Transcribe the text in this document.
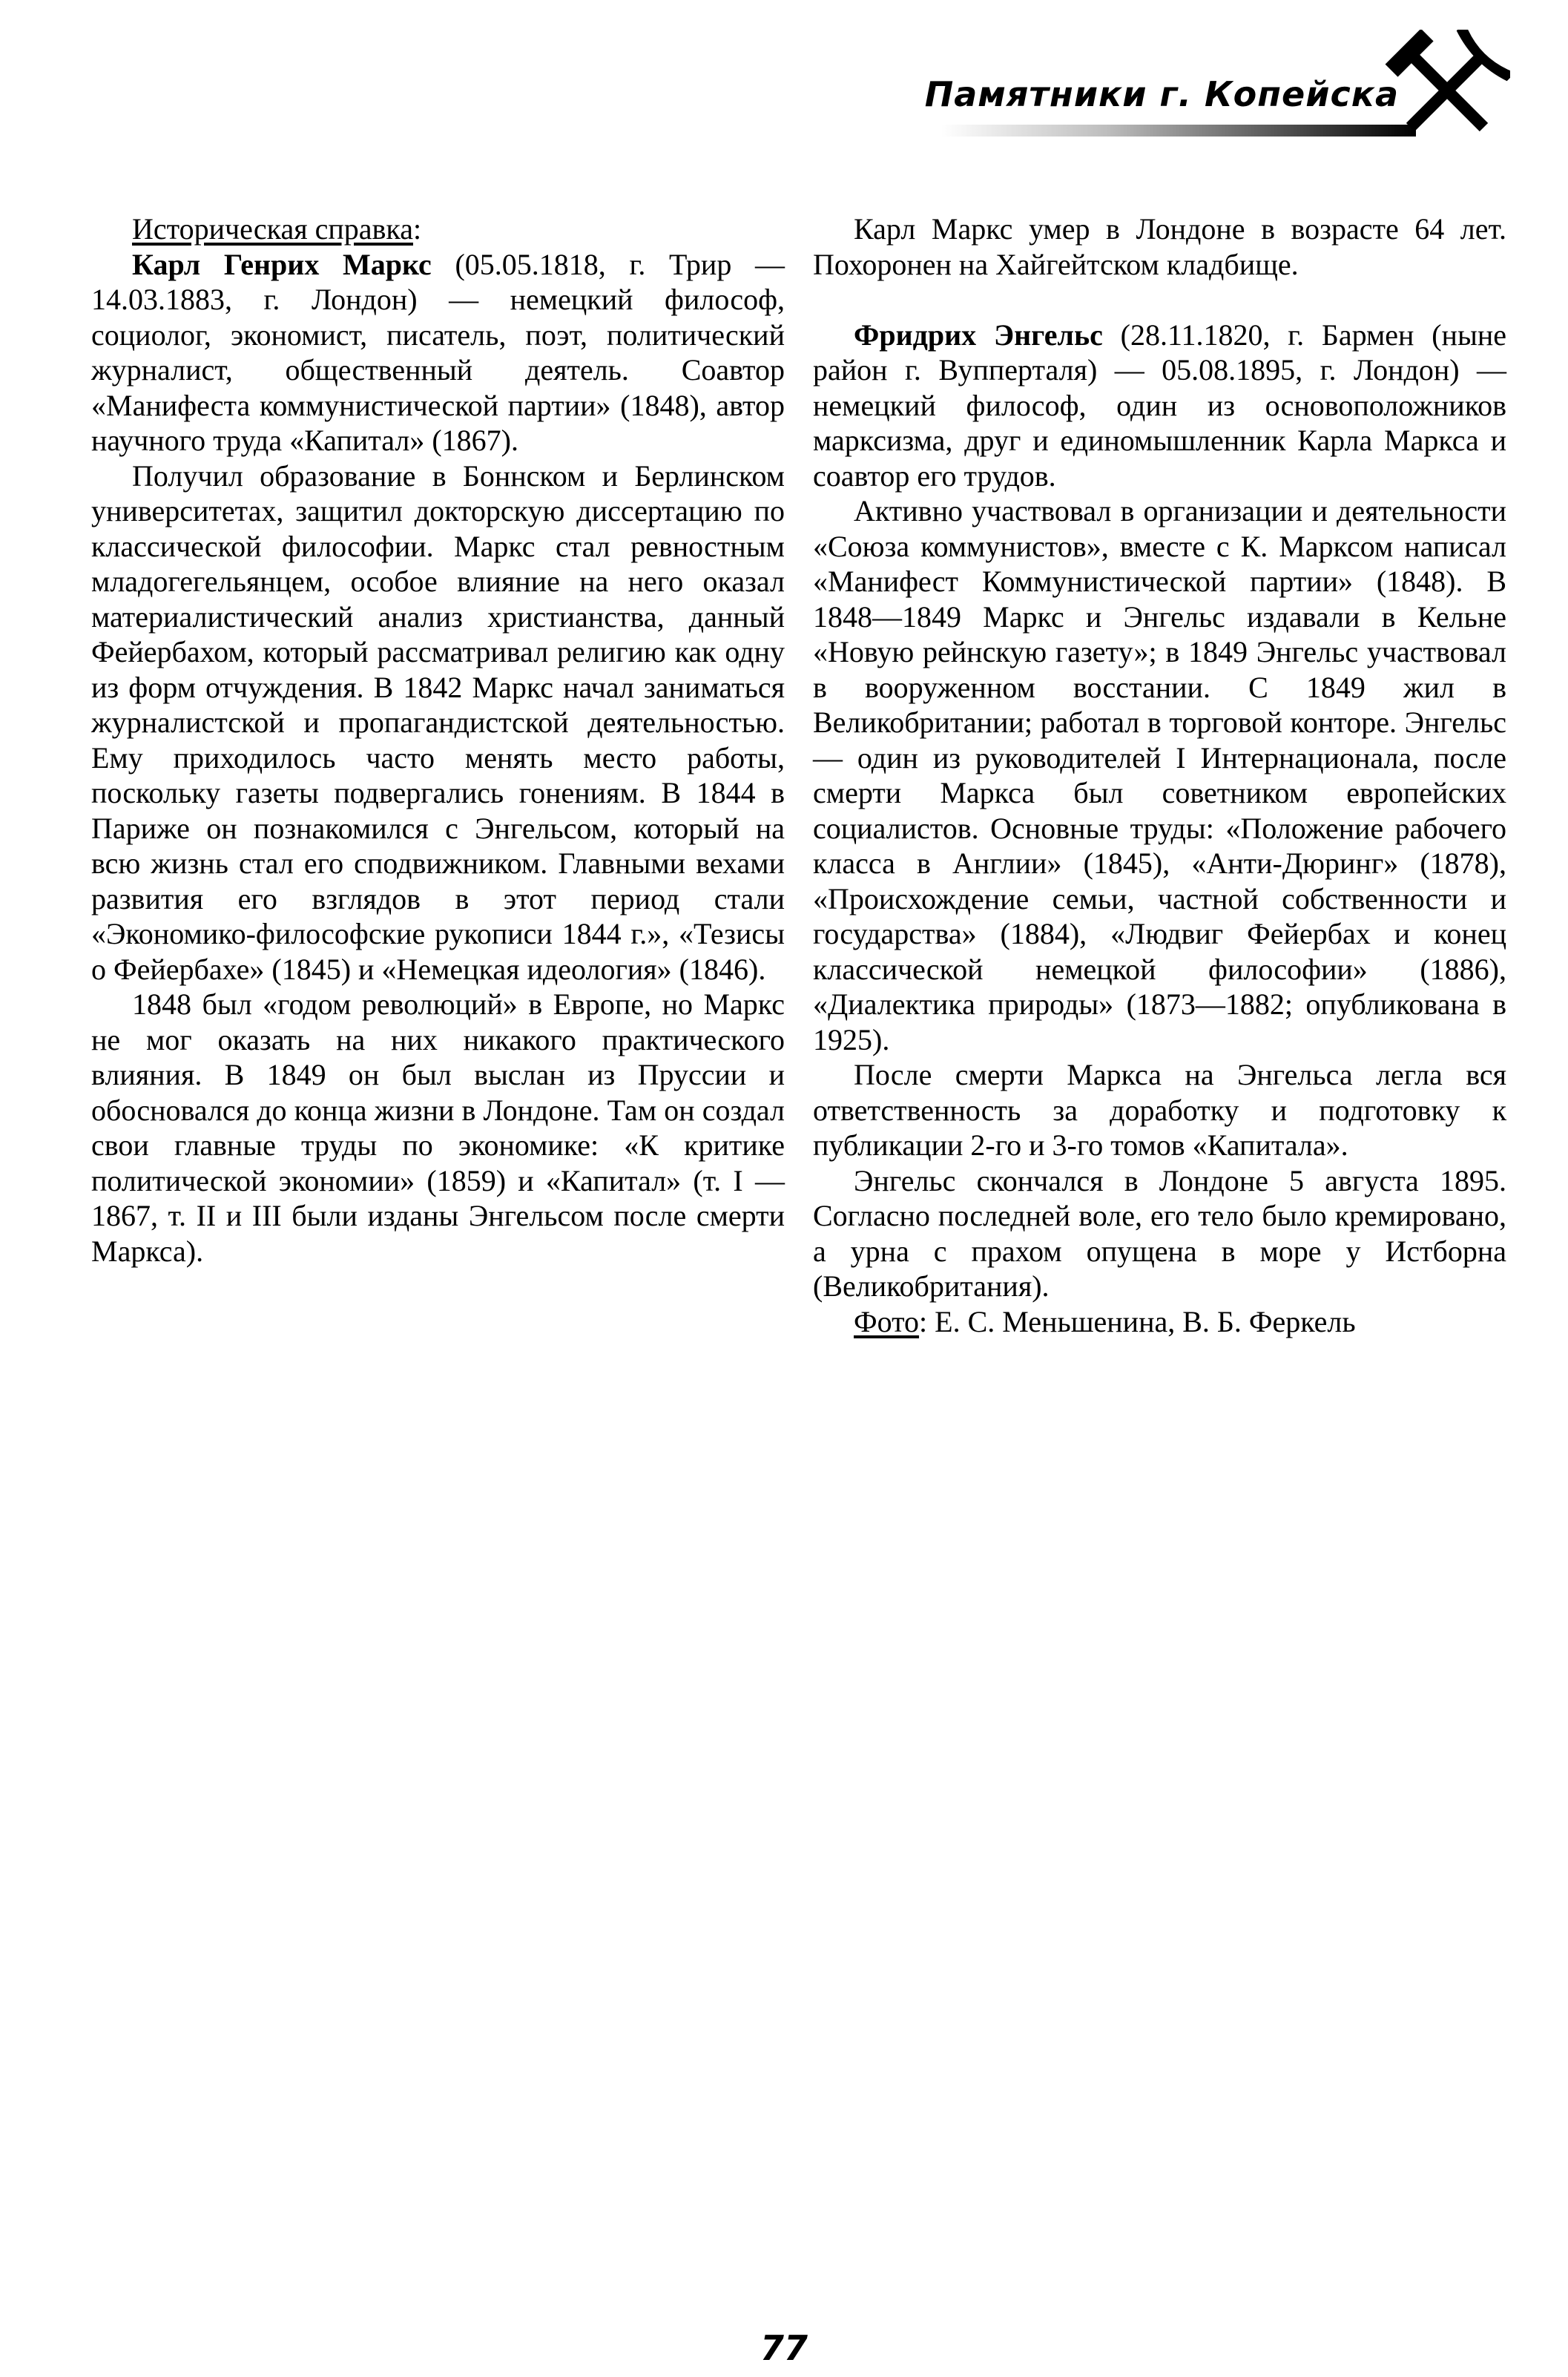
Памятники г. Копейска

Историческая справка:

Карл Генрих Маркс (05.05.1818, г. Трир — 14.03.1883, г. Лондон) — немецкий философ, социолог, экономист, писатель, поэт, политический журналист, общественный деятель. Соавтор «Манифеста коммунистической партии» (1848), автор научного труда «Капитал» (1867).

Получил образование в Боннском и Берлинском университетах, защитил докторскую диссертацию по классической философии. Маркс стал ревностным младогегельянцем, особое влияние на него оказал материалистический анализ христианства, данный Фейербахом, который рассматривал религию как одну из форм отчуждения. В 1842 Маркс начал заниматься журналистской и пропагандистской деятельностью. Ему приходилось часто менять место работы, поскольку газеты подвергались гонениям. В 1844 в Париже он познакомился с Энгельсом, который на всю жизнь стал его сподвижником. Главными вехами развития его взглядов в этот период стали «Экономико-философские рукописи 1844 г.», «Тезисы о Фейербахе» (1845) и «Немецкая идеология» (1846).

1848 был «годом революций» в Европе, но Маркс не мог оказать на них никакого практического влияния. В 1849 он был выслан из Пруссии и обосновался до конца жизни в Лондоне. Там он создал свои главные труды по экономике: «К критике политической экономии» (1859) и «Капитал» (т. I — 1867, т. II и III были изданы Энгельсом после смерти Маркса).

Карл Маркс умер в Лондоне в возрасте 64 лет. Похоронен на Хайгейтском кладбище.

Фридрих Энгельс (28.11.1820, г. Бармен (ныне район г. Вупперталя) — 05.08.1895, г. Лондон) — немецкий философ, один из основоположников марксизма, друг и единомышленник Карла Маркса и соавтор его трудов.

Активно участвовал в организации и деятельности «Союза коммунистов», вместе с К. Марксом написал «Манифест Коммунистической партии» (1848). В 1848—1849 Маркс и Энгельс издавали в Кельне «Новую рейнскую газету»; в 1849 Энгельс участвовал в вооруженном восстании. С 1849 жил в Великобритании; работал в торговой конторе. Энгельс — один из руководителей I Интернационала, после смерти Маркса был советником европейских социалистов. Основные труды: «Положение рабочего класса в Англии» (1845), «Анти-Дюринг» (1878), «Происхождение семьи, частной собственности и государства» (1884), «Людвиг Фейербах и конец классической немецкой философии» (1886), «Диалектика природы» (1873—1882; опубликована в 1925).

После смерти Маркса на Энгельса легла вся ответственность за доработку и подготовку к публикации 2-го и 3-го томов «Капитала».

Энгельс скончался в Лондоне 5 августа 1895. Согласно последней воле, его тело было кремировано, а урна с прахом опущена в море у Истборна (Великобритания).

Фото: Е. С. Меньшенина, В. Б. Феркель

77
